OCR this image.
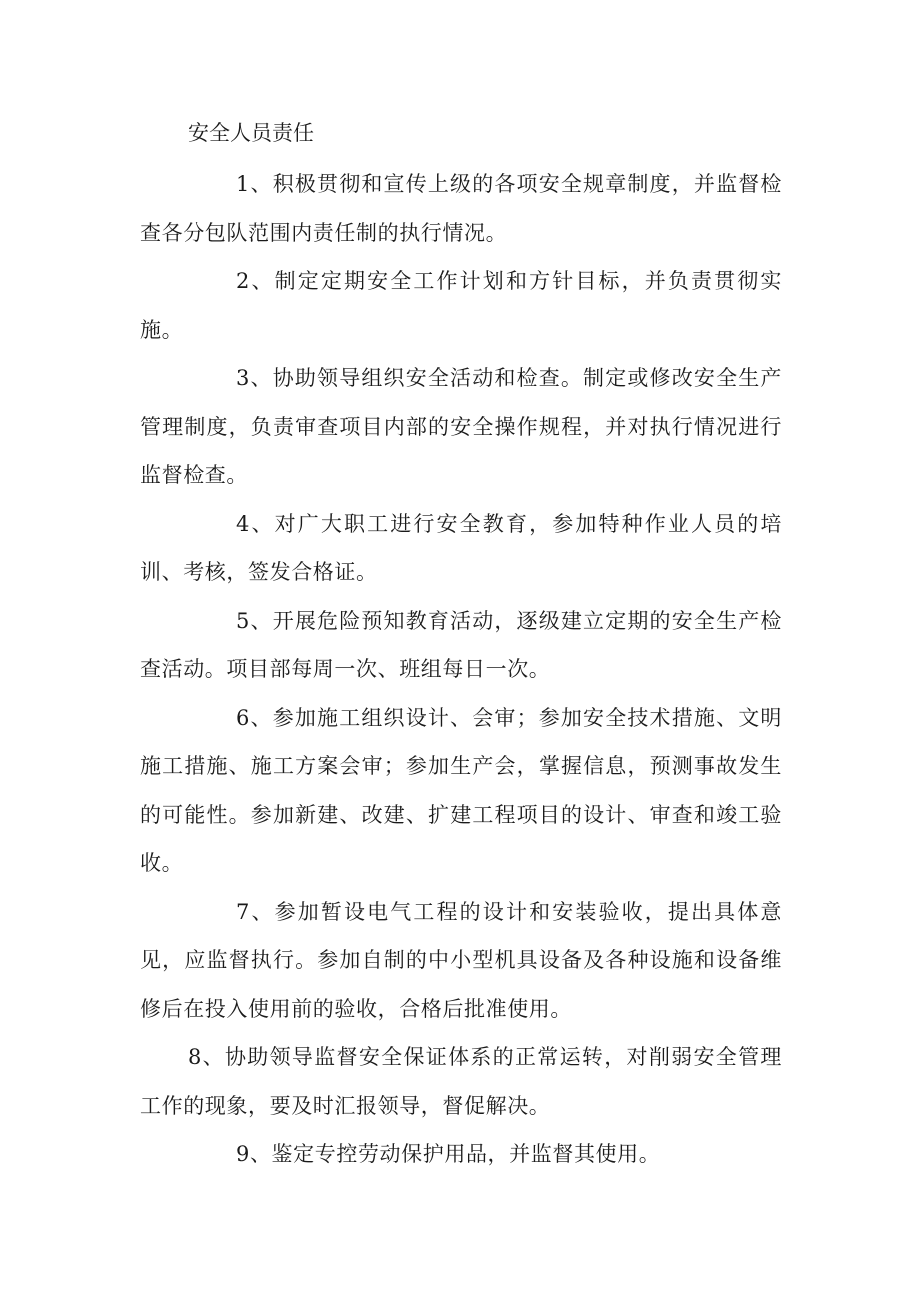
安全人员责任

1、积极贯彻和宣传上级的各项安全规章制度，并监督检查各分包队范围内责任制的执行情况。

2、制定定期安全工作计划和方针目标，并负责贯彻实施。

3、协助领导组织安全活动和检查。制定或修改安全生产管理制度，负责审查项目内部的安全操作规程，并对执行情况进行监督检查。

4、对广大职工进行安全教育，参加特种作业人员的培训、考核，签发合格证。

5、开展危险预知教育活动，逐级建立定期的安全生产检查活动。项目部每周一次、班组每日一次。

6、参加施工组织设计、会审；参加安全技术措施、文明施工措施、施工方案会审；参加生产会，掌握信息，预测事故发生的可能性。参加新建、改建、扩建工程项目的设计、审查和竣工验收。

7、参加暂设电气工程的设计和安装验收，提出具体意见，应监督执行。参加自制的中小型机具设备及各种设施和设备维修后在投入使用前的验收，合格后批准使用。

8、协助领导监督安全保证体系的正常运转，对削弱安全管理工作的现象，要及时汇报领导，督促解决。

9、鉴定专控劳动保护用品，并监督其使用。
